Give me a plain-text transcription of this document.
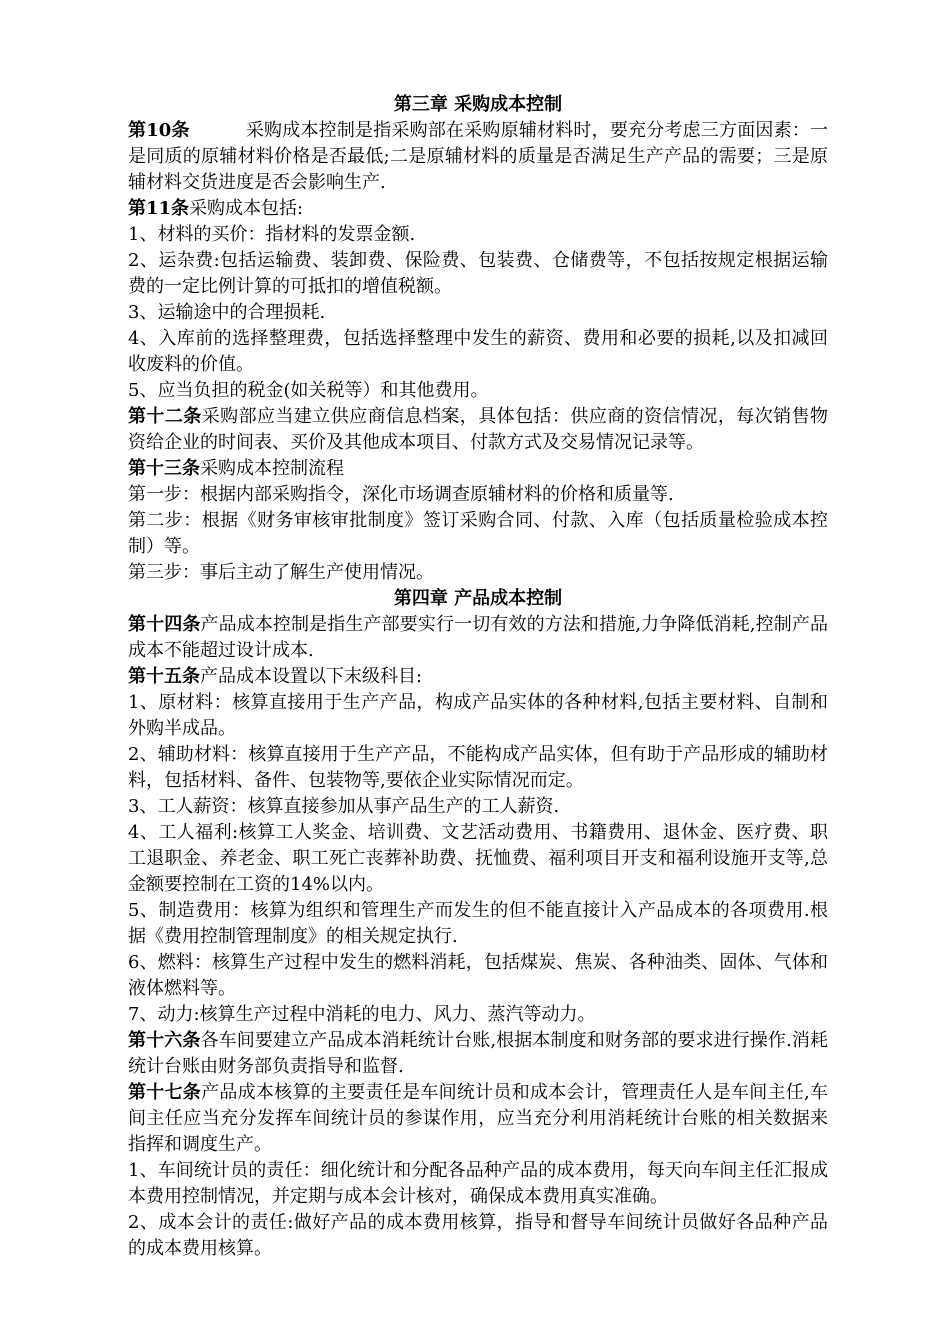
第三章 采购成本控制

第10条	采购成本控制是指采购部在采购原辅材料时，要充分考虑三方面因素：一是同质的原辅材料价格是否最低;二是原辅材料的质量是否满足生产产品的需要；三是原辅材料交货进度是否会影响生产.

第11条采购成本包括:

1、材料的买价：指材料的发票金额.

2、运杂费:包括运输费、装卸费、保险费、包装费、仓储费等，不包括按规定根据运输费的一定比例计算的可抵扣的增值税额。

3、运输途中的合理损耗.

4、入库前的选择整理费，包括选择整理中发生的薪资、费用和必要的损耗,以及扣减回收废料的价值。

5、应当负担的税金(如关税等）和其他费用。

第十二条采购部应当建立供应商信息档案，具体包括：供应商的资信情况，每次销售物资给企业的时间表、买价及其他成本项目、付款方式及交易情况记录等。

第十三条采购成本控制流程

第一步：根据内部采购指令，深化市场调查原辅材料的价格和质量等.

第二步：根据《财务审核审批制度》签订采购合同、付款、入库（包括质量检验成本控制）等。

第三步：事后主动了解生产使用情况。

第四章 产品成本控制

第十四条产品成本控制是指生产部要实行一切有效的方法和措施,力争降低消耗,控制产品成本不能超过设计成本.

第十五条产品成本设置以下末级科目:

1、原材料：核算直接用于生产产品，构成产品实体的各种材料,包括主要材料、自制和外购半成品。

2、辅助材料：核算直接用于生产产品，不能构成产品实体，但有助于产品形成的辅助材料，包括材料、备件、包装物等,要依企业实际情况而定。

3、工人薪资：核算直接参加从事产品生产的工人薪资.

4、工人福利:核算工人奖金、培训费、文艺活动费用、书籍费用、退休金、医疗费、职工退职金、养老金、职工死亡丧葬补助费、抚恤费、福利项目开支和福利设施开支等,总金额要控制在工资的14%以内。

5、制造费用：核算为组织和管理生产而发生的但不能直接计入产品成本的各项费用.根据《费用控制管理制度》的相关规定执行.

6、燃料：核算生产过程中发生的燃料消耗，包括煤炭、焦炭、各种油类、固体、气体和液体燃料等。

7、动力:核算生产过程中消耗的电力、风力、蒸汽等动力。

第十六条各车间要建立产品成本消耗统计台账,根据本制度和财务部的要求进行操作.消耗统计台账由财务部负责指导和监督.

第十七条产品成本核算的主要责任是车间统计员和成本会计，管理责任人是车间主任,车间主任应当充分发挥车间统计员的参谋作用，应当充分利用消耗统计台账的相关数据来指挥和调度生产。

1、车间统计员的责任：细化统计和分配各品种产品的成本费用，每天向车间主任汇报成本费用控制情况，并定期与成本会计核对，确保成本费用真实准确。

2、成本会计的责任:做好产品的成本费用核算，指导和督导车间统计员做好各品种产品的成本费用核算。
